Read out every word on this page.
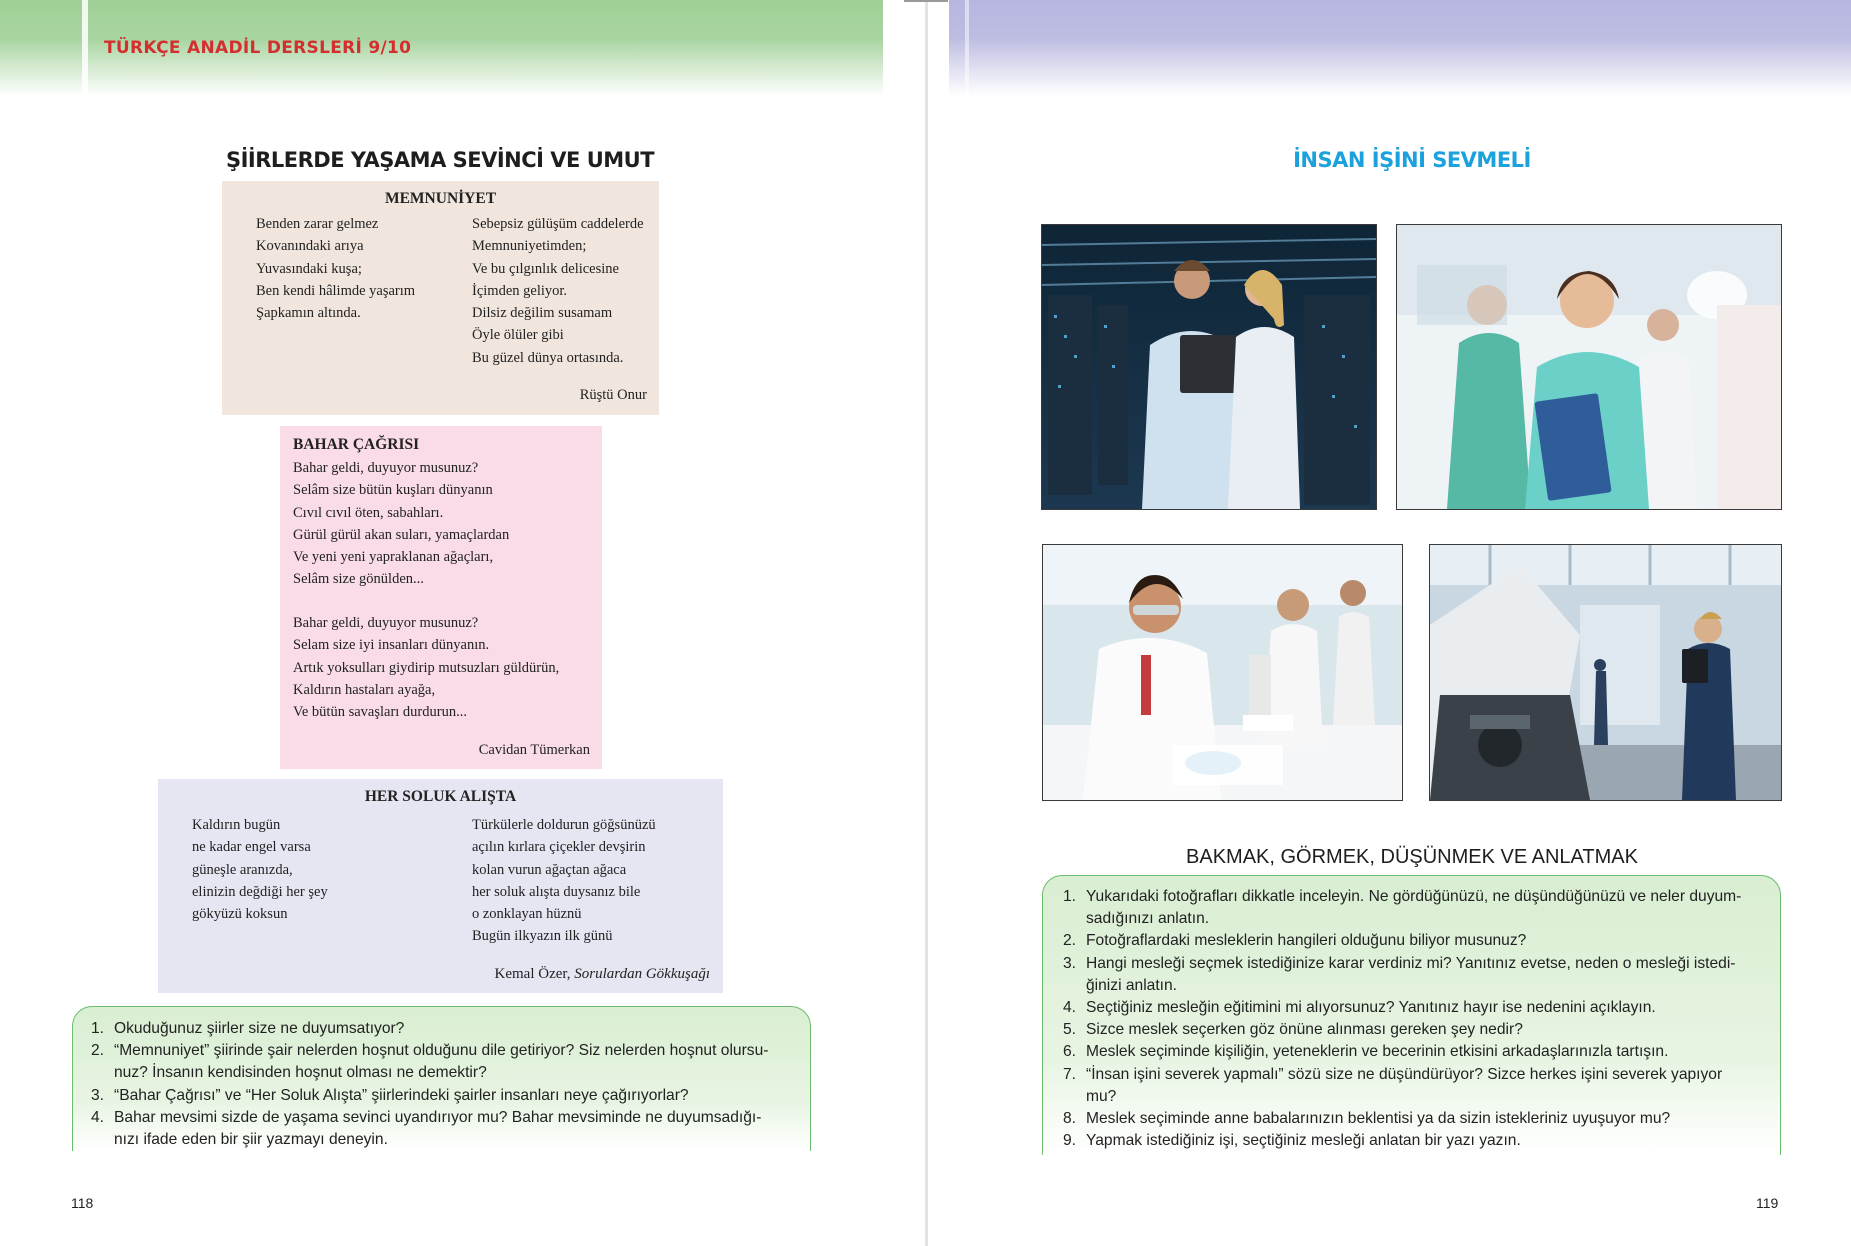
TÜRKÇE ANADİL DERSLERİ 9/10
ŞİİRLERDE YAŞAMA SEVİNCİ VE UMUT
MEMNUNİYET
Benden zarar gelmez
Kovanındaki arıya
Yuvasındaki kuşa;
Ben kendi hâlimde yaşarım
Şapkamın altında.
Sebepsiz gülüşüm caddelerde
Memnuniyetimden;
Ve bu çılgınlık delicesine
İçimden geliyor.
Dilsiz değilim susamam
Öyle ölüler gibi
Bu güzel dünya ortasında.
Rüştü Onur
BAHAR ÇAĞRISI
Bahar geldi, duyuyor musunuz?
Selâm size bütün kuşları dünyanın
Cıvıl cıvıl öten, sabahları.
Gürül gürül akan suları, yamaçlardan
Ve yeni yeni yapraklanan ağaçları,
Selâm size gönülden...
Bahar geldi, duyuyor musunuz?
Selam size iyi insanları dünyanın.
Artık yoksulları giydirip mutsuzları güldürün,
Kaldırın hastaları ayağa,
Ve bütün savaşları durdurun...
Cavidan Tümerkan
HER SOLUK ALIŞTA
Kaldırın bugün
ne kadar engel varsa
güneşle aranızda,
elinizin değdiği her şey
gökyüzü koksun
Türkülerle doldurun göğsünüzü
açılın kırlara çiçekler devşirin
kolan vurun ağaçtan ağaca
her soluk alışta duysanız bile
o zonklayan hüznü
Bugün ilkyazın ilk günü
Kemal Özer, Sorulardan Gökkuşağı
1. Okuduğunuz şiirler size ne duyumsatıyor?
2. “Memnuniyet” şiirinde şair nelerden hoşnut olduğunu dile getiriyor? Siz nelerden hoşnut olursu-
nuz? İnsanın kendisinden hoşnut olması ne demektir?
3. “Bahar Çağrısı” ve “Her Soluk Alışta” şiirlerindeki şairler insanları neye çağırıyorlar?
4. Bahar mevsimi sizde de yaşama sevinci uyandırıyor mu? Bahar mevsiminde ne duyumsadığı-
nızı ifade eden bir şiir yazmayı deneyin.
118
İNSAN İŞİNİ SEVMELİ
BAKMAK, GÖRMEK, DÜŞÜNMEK VE ANLATMAK
1. Yukarıdaki fotoğrafları dikkatle inceleyin. Ne gördüğünüzü, ne düşündüğünüzü ve neler duyum-
sadığınızı anlatın.
2. Fotoğraflardaki mesleklerin hangileri olduğunu biliyor musunuz?
3. Hangi mesleği seçmek istediğinize karar verdiniz mi? Yanıtınız evetse, neden o mesleği istedi-
ğinizi anlatın.
4. Seçtiğiniz mesleğin eğitimini mi alıyorsunuz? Yanıtınız hayır ise nedenini açıklayın.
5. Sizce meslek seçerken göz önüne alınması gereken şey nedir?
6. Meslek seçiminde kişiliğin, yeteneklerin ve becerinin etkisini arkadaşlarınızla tartışın.
7. “İnsan işini severek yapmalı” sözü size ne düşündürüyor? Sizce herkes işini severek yapıyor
mu?
8. Meslek seçiminde anne babalarınızın beklentisi ya da sizin istekleriniz uyuşuyor mu?
9. Yapmak istediğiniz işi, seçtiğiniz mesleği anlatan bir yazı yazın.
119
